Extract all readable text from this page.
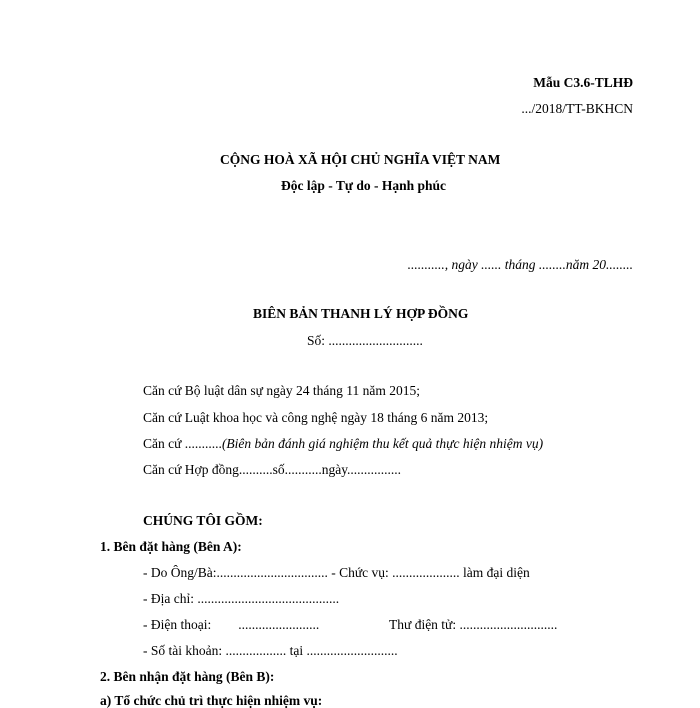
Mẫu C3.6-TLHĐ
.../2018/TT-BKHCN
CỘNG HOÀ XÃ HỘI CHỦ NGHĨA VIỆT NAM
Độc lập - Tự do - Hạnh phúc
..........., ngày ...... tháng ........năm 20........
BIÊN BẢN THANH LÝ HỢP ĐỒNG
Số: ............................
Căn cứ Bộ luật dân sự ngày 24 tháng 11 năm 2015;
Căn cứ Luật khoa học và công nghệ ngày 18 tháng 6 năm 2013;
Căn cứ ...........(Biên bản đánh giá nghiệm thu kết quả thực hiện nhiệm vụ)
Căn cứ Hợp đồng..........số...........ngày................
CHÚNG TÔI GỒM:
1. Bên đặt hàng (Bên A):
- Do Ông/Bà:................................. - Chức vụ: .................... làm đại diện
- Địa chỉ: ..........................................
- Điện thoại:        ........................	Thư điện tử: .............................
- Số tài khoản: .................. tại ...........................
2. Bên nhận đặt hàng (Bên B):
a) Tổ chức chủ trì thực hiện nhiệm vụ:
